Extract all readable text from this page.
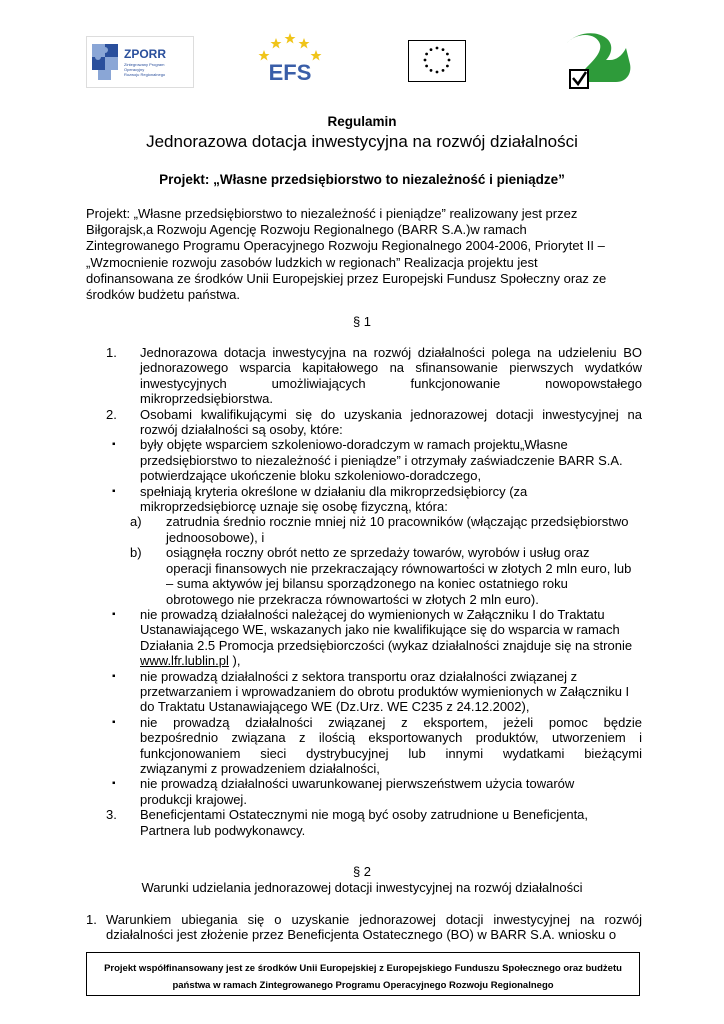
ZPORR
Zintegrowany Program
Operacyjny
Rozwoju Regionalnego	EFS
Regulamin
Jednorazowa dotacja inwestycyjna na rozwój działalności
Projekt: „Własne przedsiębiorstwo to niezależność i pieniądze”

Projekt: „Własne przedsiębiorstwo to niezależność i pieniądze” realizowany jest przez

Biłgorajsk,a Rozwoju Agencję Rozwoju Regionalnego (BARR S.A.)w ramach

Zintegrowanego Programu Operacyjnego Rozwoju Regionalnego 2004-2006, Priorytet II –

„Wzmocnienie rozwoju zasobów ludzkich w regionach” Realizacja projektu jest

dofinansowana ze środków Unii Europejskiej przez Europejski Fundusz Społeczny oraz ze

środków budżetu państwa.

§ 1
1. Jednorazowa dotacja inwestycyjna na rozwój działalności polega na udzieleniu BO
jednorazowego wsparcia kapitałowego na sfinansowanie pierwszych wydatków
inwestycyjnych umożliwiających funkcjonowanie nowopowstałego
mikroprzedsiębiorstwa.
2. Osobami kwalifikującymi się do uzyskania jednorazowej dotacji inwestycyjnej na
rozwój działalności są osoby, które:
▪ były objęte wsparciem szkoleniowo-doradczym w ramach projektu„Własne
przedsiębiorstwo to niezależność i pieniądze” i otrzymały zaświadczenie BARR S.A.
potwierdzające ukończenie bloku szkoleniowo-doradczego,
▪ spełniają kryteria określone w działaniu dla mikroprzedsiębiorcy (za
mikroprzedsiębiorcę uznaje się osobę fizyczną, która:
a) zatrudnia średnio rocznie mniej niż 10 pracowników (włączając przedsiębiorstwo
jednoosobowe), i
b) osiągnęła roczny obrót netto ze sprzedaży towarów, wyrobów i usług oraz
operacji finansowych nie przekraczający równowartości w złotych 2 mln euro, lub
– suma aktywów jej bilansu sporządzonego na koniec ostatniego roku
obrotowego nie przekracza równowartości w złotych 2 mln euro).
▪ nie prowadzą działalności należącej do wymienionych w Załączniku I do Traktatu
Ustanawiającego WE, wskazanych jako nie kwalifikujące się do wsparcia w ramach
Działania 2.5 Promocja przedsiębiorczości (wykaz działalności znajduje się na stronie
www.lfr.lublin.pl ),
▪ nie prowadzą działalności z sektora transportu oraz działalności związanej z
przetwarzaniem i wprowadzaniem do obrotu produktów wymienionych w Załączniku I
do Traktatu Ustanawiającego WE (Dz.Urz. WE C235 z 24.12.2002),
▪ nie prowadzą działalności związanej z eksportem, jeżeli pomoc będzie
bezpośrednio związana z ilością eksportowanych produktów, utworzeniem i
funkcjonowaniem sieci dystrybucyjnej lub innymi wydatkami bieżącymi
związanymi z prowadzeniem działalności,
▪ nie prowadzą działalności uwarunkowanej pierwszeństwem użycia towarów
produkcji krajowej.
3. Beneficjentami Ostatecznymi nie mogą być osoby zatrudnione u Beneficjenta,
Partnera lub podwykonawcy.
§ 2
Warunki udzielania jednorazowej dotacji inwestycyjnej na rozwój działalności
1. Warunkiem ubiegania się o uzyskanie jednorazowej dotacji inwestycyjnej na rozwój
działalności jest złożenie przez Beneficjenta Ostatecznego (BO) w BARR S.A. wniosku o
Projekt współfinansowany jest ze środków Unii Europejskiej z Europejskiego Funduszu Społecznego oraz budżetu
państwa w ramach Zintegrowanego Programu Operacyjnego Rozwoju Regionalnego
